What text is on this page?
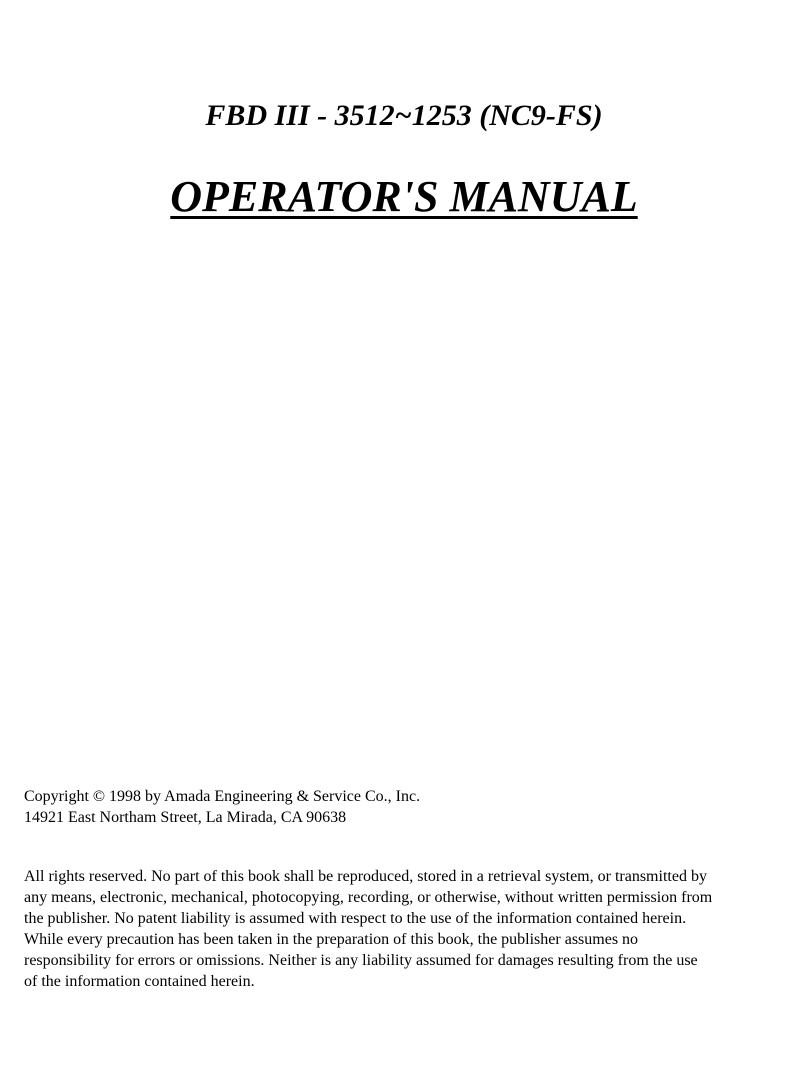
FBD III - 3512~1253 (NC9-FS)
OPERATOR'S MANUAL
Copyright © 1998 by Amada Engineering & Service Co., Inc.
14921 East Northam Street, La Mirada, CA 90638
All rights reserved. No part of this book shall be reproduced, stored in a retrieval system, or transmitted by
any means, electronic, mechanical, photocopying, recording, or otherwise, without written permission from
the publisher. No patent liability is assumed with respect to the use of the information contained herein.
While every precaution has been taken in the preparation of this book, the publisher assumes no
responsibility for errors or omissions. Neither is any liability assumed for damages resulting from the use
of the information contained herein.
